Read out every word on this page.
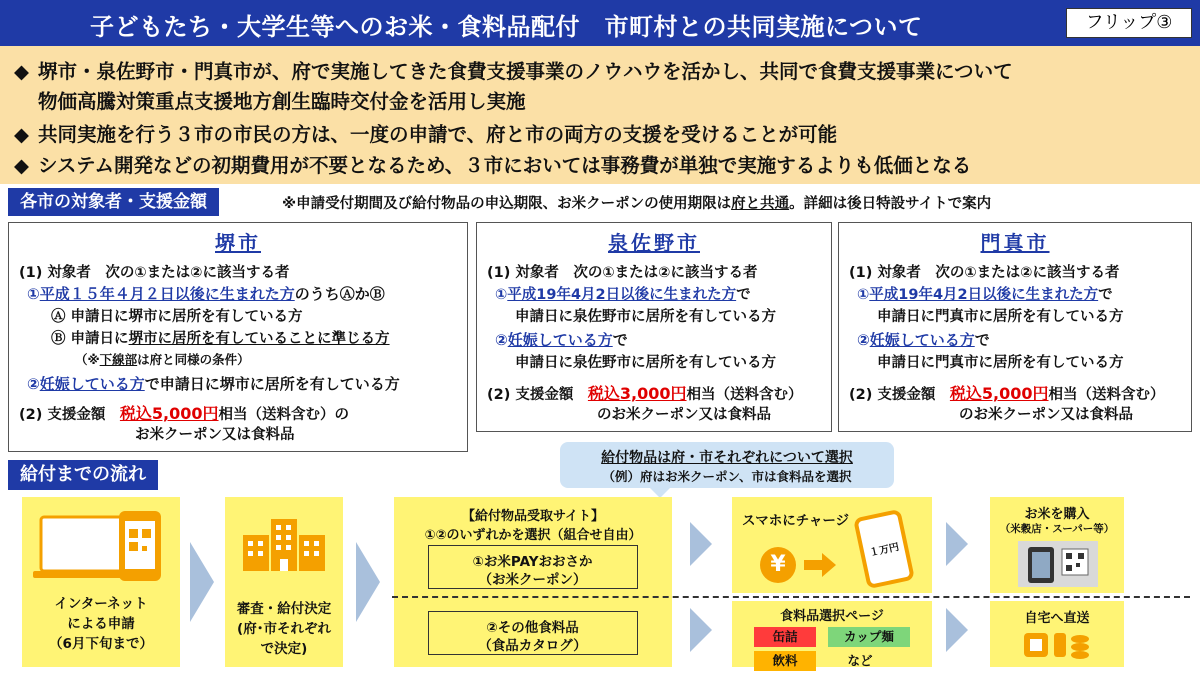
子どもたち・大学生等へのお米・食料品配付　市町村との共同実施について	フリップ③
◆ 堺市・泉佐野市・門真市が、府で実施してきた食費支援事業のノウハウを活かし、共同で食費支援事業について
物価高騰対策重点支援地方創生臨時交付金を活用し実施
◆ 共同実施を行う３市の市民の方は、一度の申請で、府と市の両方の支援を受けることが可能
◆ システム開発などの初期費用が不要となるため、３市においては事務費が単独で実施するよりも低価となる
各市の対象者・支援金額	※申請受付期間及び給付物品の申込期限、お米クーポンの使用期限は府と共通。詳細は後日特設サイトで案内
堺市
(1) 対象者　次の①または②に該当する者
①平成１５年４月２日以後に生まれた方のうちⒶかⒷ
Ⓐ 申請日に堺市に居所を有している方
Ⓑ 申請日に堺市に居所を有していることに準じる方
（※下線部は府と同様の条件）
②妊娠している方で申請日に堺市に居所を有している方
(2) 支援金額　税込5,000円相当（送料含む）の
お米クーポン又は食料品
泉佐野市
(1) 対象者　次の①または②に該当する者
①平成19年4月2日以後に生まれた方で
申請日に泉佐野市に居所を有している方
②妊娠している方で
申請日に泉佐野市に居所を有している方
(2) 支援金額　税込3,000円相当（送料含む）
のお米クーポン又は食料品
門真市
(1) 対象者　次の①または②に該当する者
①平成19年4月2日以後に生まれた方で
申請日に門真市に居所を有している方
②妊娠している方で
申請日に門真市に居所を有している方
(2) 支援金額　税込5,000円相当（送料含む）
のお米クーポン又は食料品
給付までの流れ
給付物品は府・市それぞれについて選択
（例）府はお米クーポン、市は食料品を選択
インターネット
による申請
（6月下旬まで）
審査・給付決定
(府･市それぞれ
で決定)
【給付物品受取サイト】
①②のいずれかを選択（組合せ自由）
①お米PAYおおさか
（お米クーポン）
②その他食料品
（食品カタログ）
スマホにチャージ
¥
１万円
お米を購入
（米穀店・スーパー等）
食料品選択ページ
缶詰	カップ麺
飲料	など
自宅へ直送
